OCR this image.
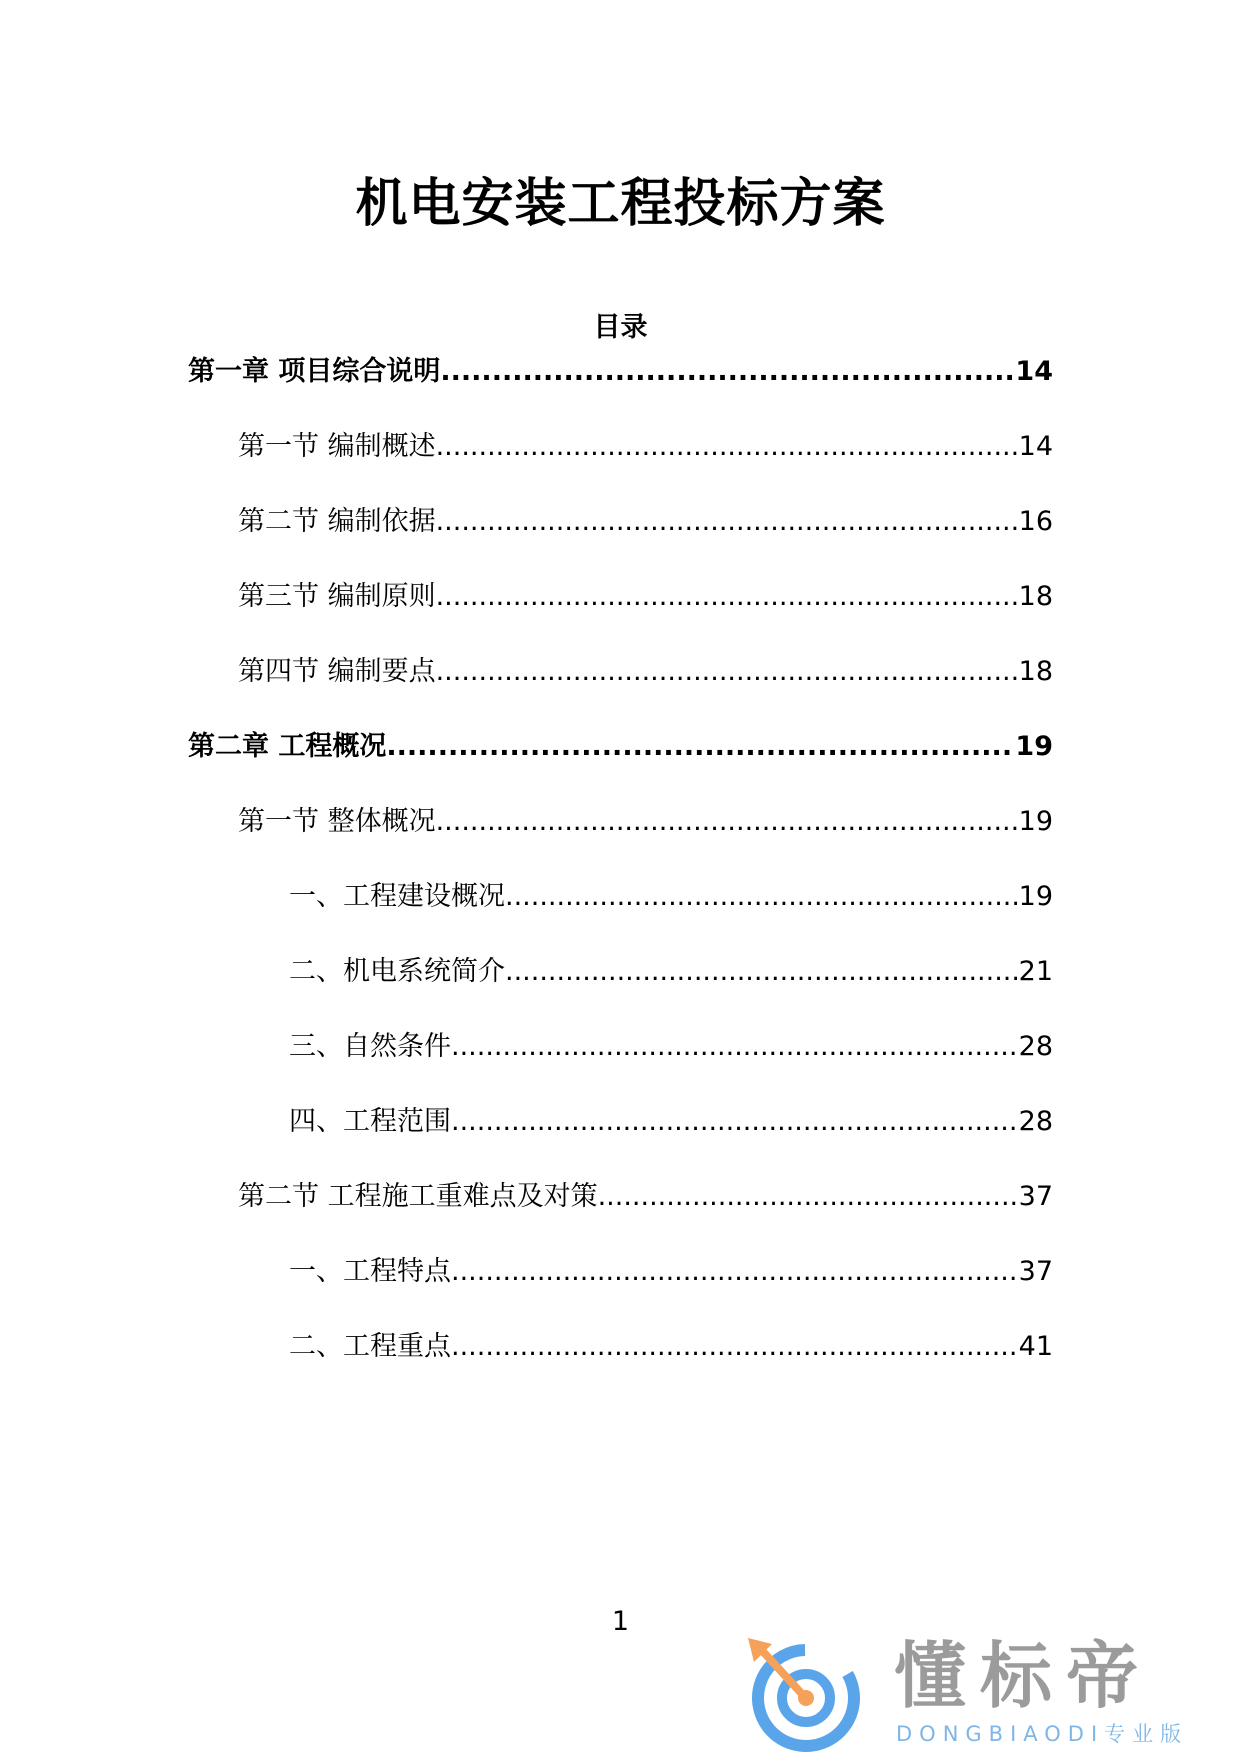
机电安装工程投标方案
目录
第一章 项目综合说明 .....	14
第一节 编制概述 .....	14
第二节 编制依据 .....	16
第三节 编制原则 .....	18
第四节 编制要点 .....	18
第二章 工程概况 .....	19
第一节 整体概况 .....	19
一、工程建设概况 .....	19
二、机电系统简介 .....	21
三、自然条件 .....	28
四、工程范围 .....	28
第二节 工程施工重难点及对策 .....	37
一、工程特点 .....	37
二、工程重点 .....	41
1
懂标帝
DONGBIAODI专业版
